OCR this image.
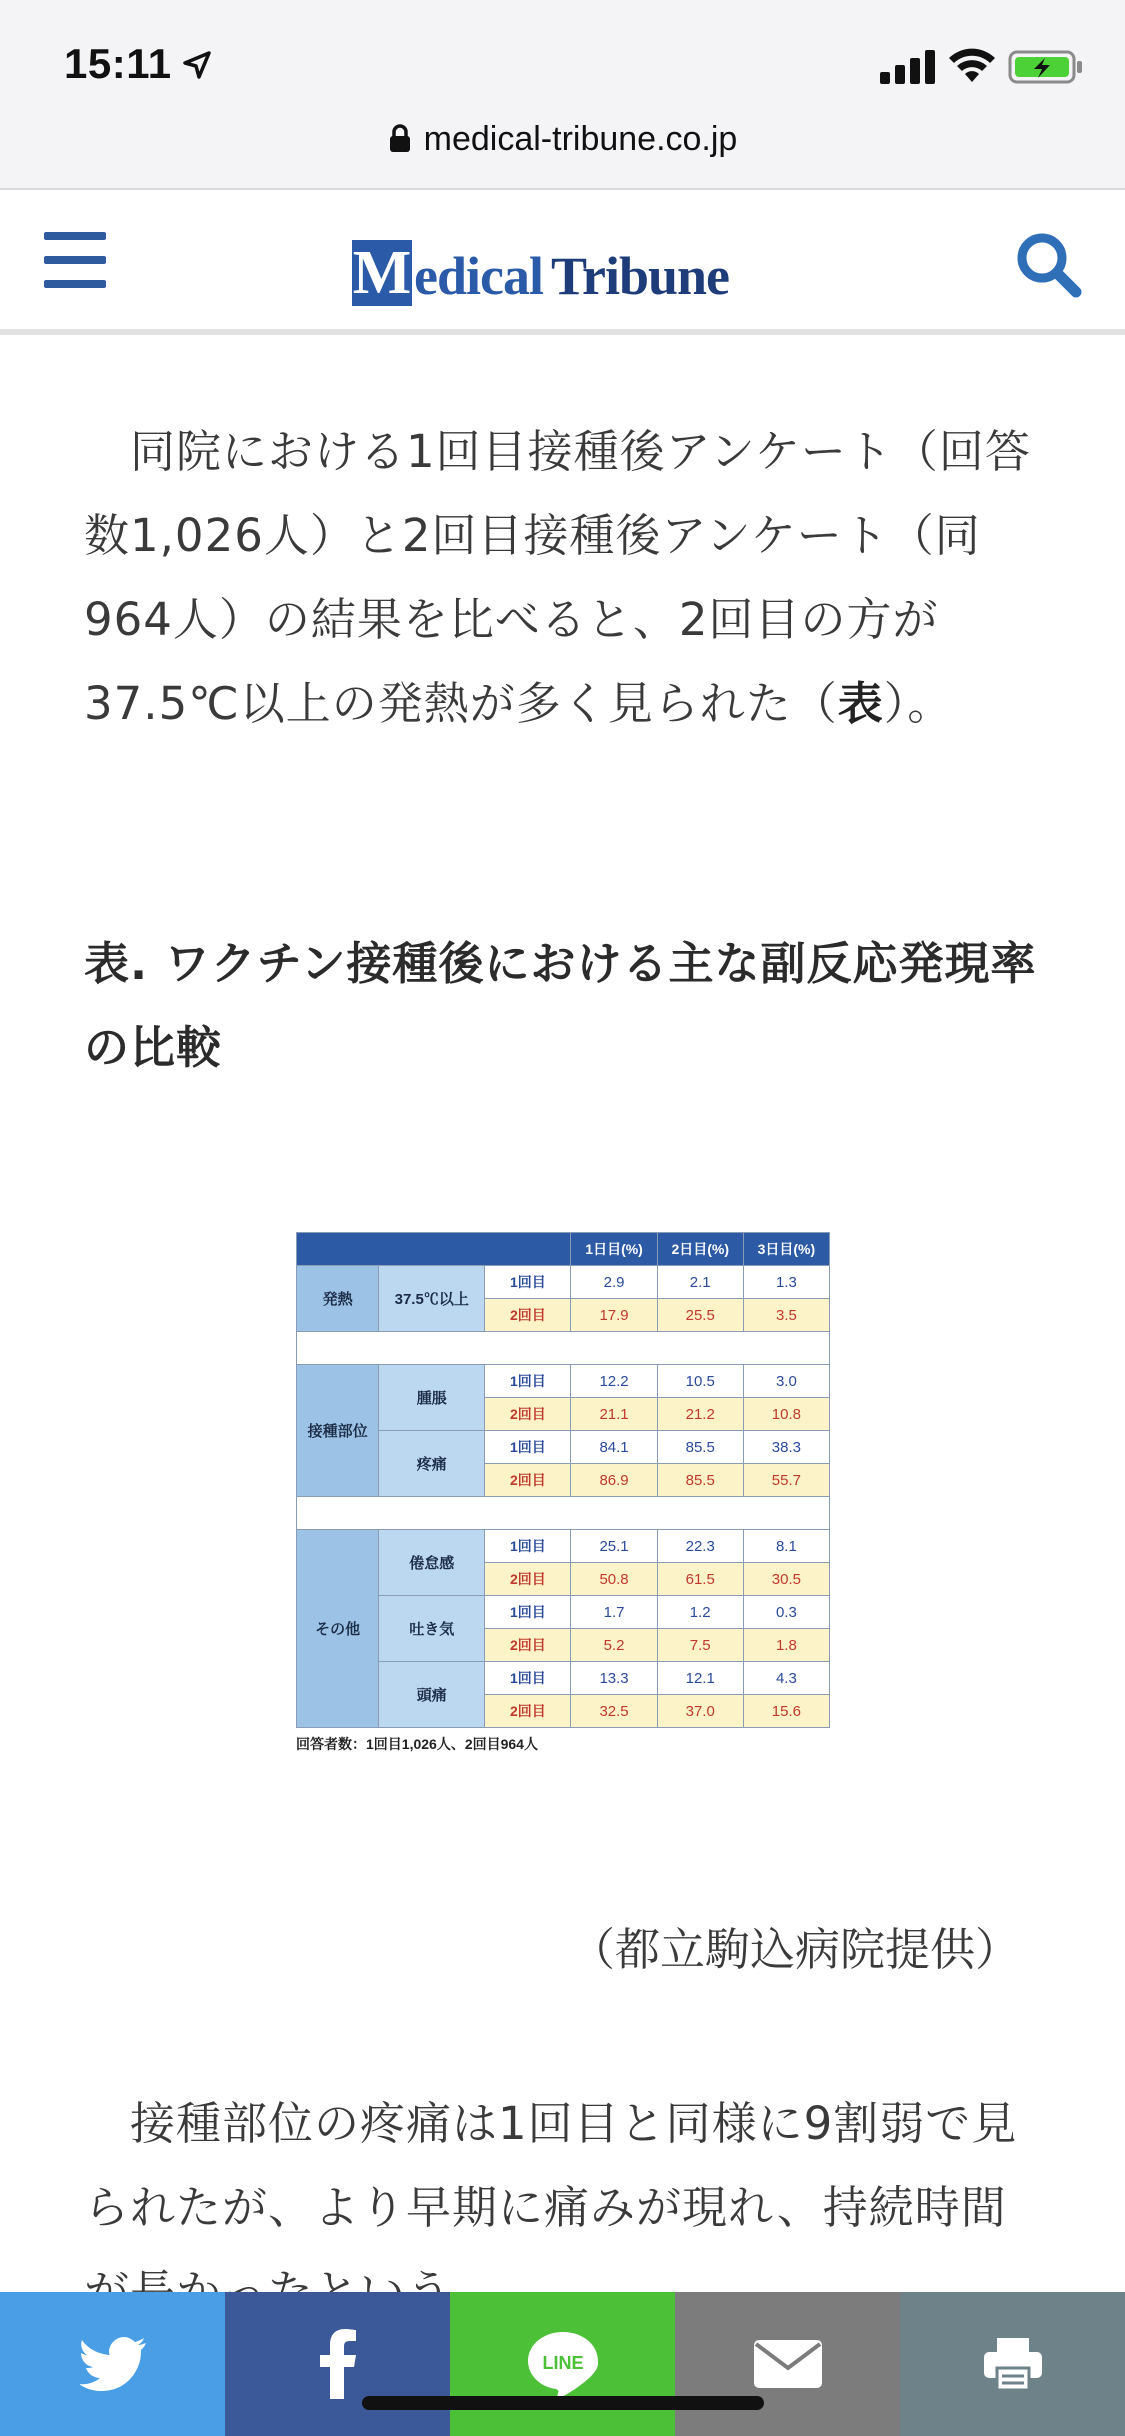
15:11
medical-tribune.co.jp
M edical Tribune

　同院における1回目接種後アンケート（回答数1,026人）と2回目接種後アンケート（同964人）の結果を比べると、2回目の方が37.5℃以上の発熱が多く見られた（表）。

表. ワクチン接種後における主な副反応発現率の比較
			1日目(%)	2日目(%)	3日目(%)
発熱	37.5℃以上	1回目	2.9	2.1	1.3
		2回目	17.9	25.5	3.5

接種部位	腫脹	1回目	12.2	10.5	3.0
		2回目	21.1	21.2	10.8
	疼痛	1回目	84.1	85.5	38.3
		2回目	86.9	85.5	55.7

その他	倦怠感	1回目	25.1	22.3	8.1
		2回目	50.8	61.5	30.5
	吐き気	1回目	1.7	1.2	0.3
		2回目	5.2	7.5	1.8
	頭痛	1回目	13.3	12.1	4.3
		2回目	32.5	37.0	15.6
回答者数：1回目1,026人、2回目964人
（都立駒込病院提供）

　接種部位の疼痛は1回目と同様に9割弱で見られたが、より早期に痛みが現れ、持続時間

LINE
